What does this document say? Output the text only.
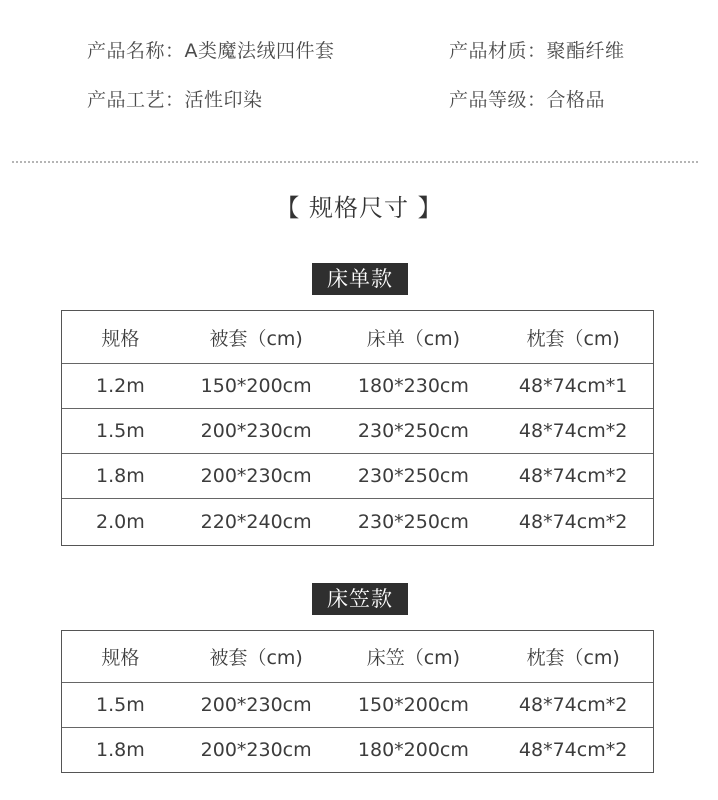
产品名称：A类魔法绒四件套	产品材质：聚酯纤维
产品工艺：活性印染	产品等级：合格品
【 规格尺寸 】
床单款
规格	被套（cm)	床单（cm)	枕套（cm)
1.2m	150*200cm	180*230cm	48*74cm*1
1.5m	200*230cm	230*250cm	48*74cm*2
1.8m	200*230cm	230*250cm	48*74cm*2
2.0m	220*240cm	230*250cm	48*74cm*2
床笠款
规格	被套（cm)	床笠（cm)	枕套（cm)
1.5m	200*230cm	150*200cm	48*74cm*2
1.8m	200*230cm	180*200cm	48*74cm*2
